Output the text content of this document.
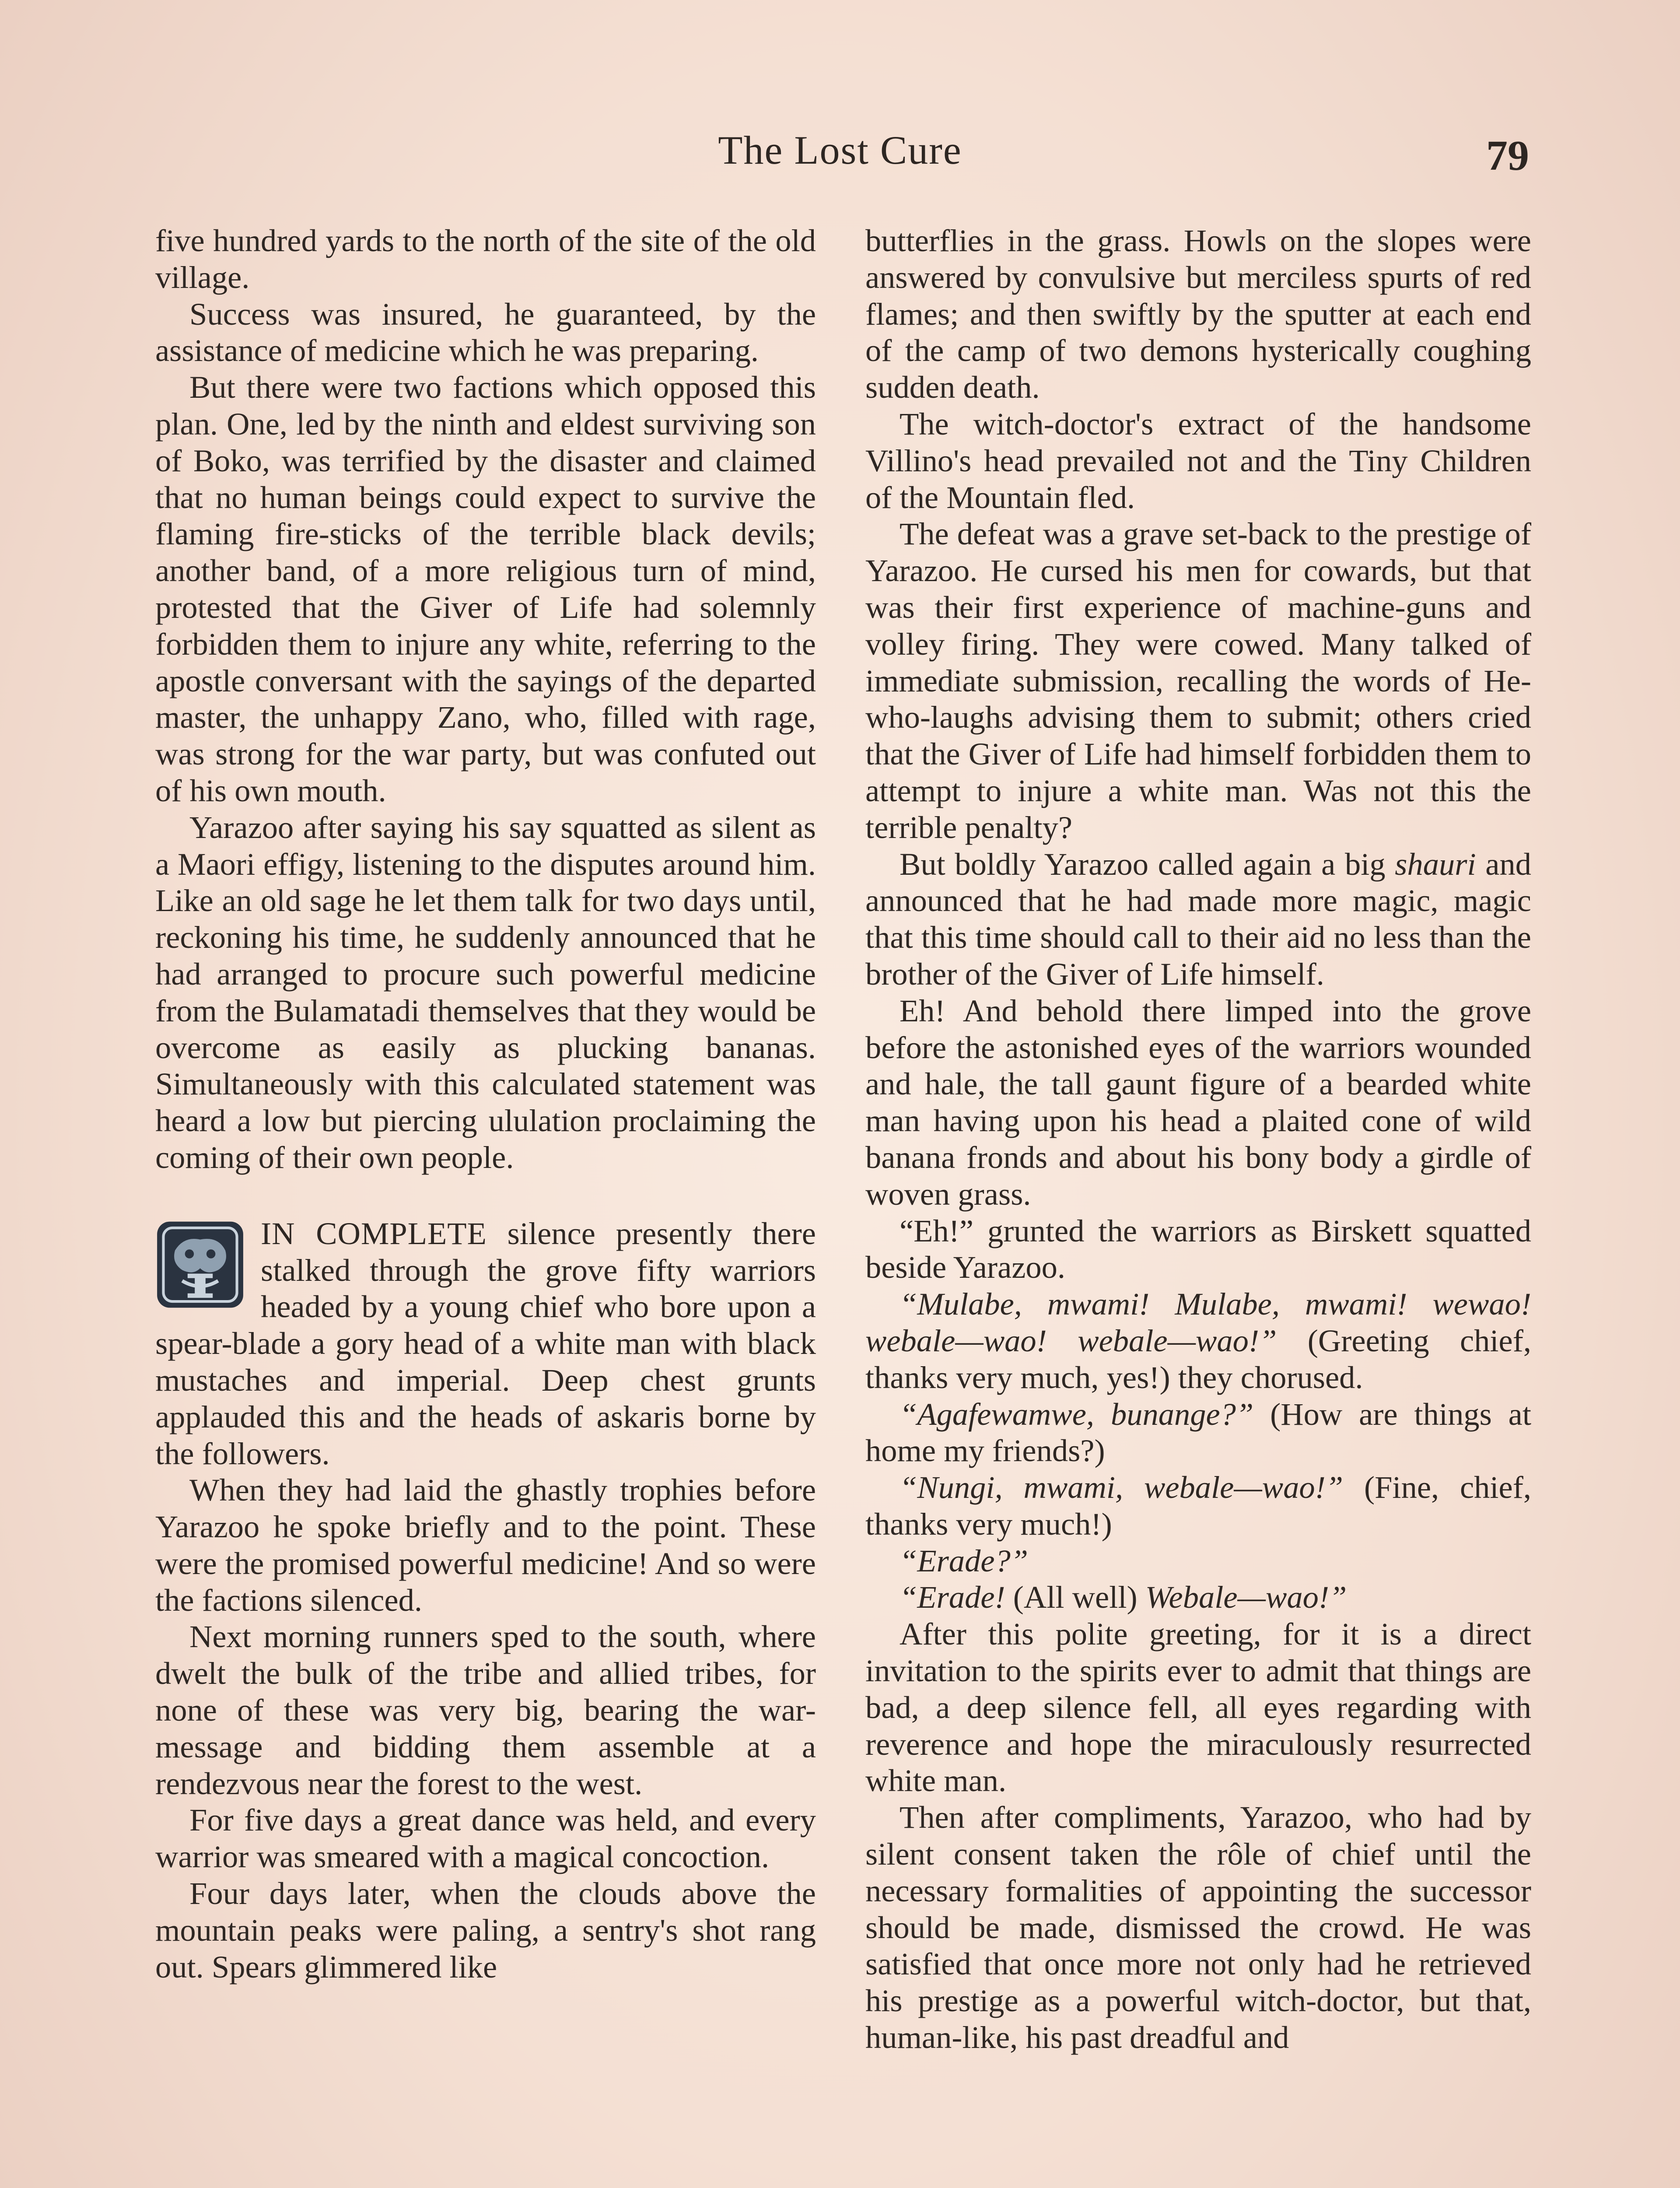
The Lost Cure	79

five hundred yards to the north of the site of the old village.

Success was insured, he guaranteed, by the assistance of medicine which he was preparing.

But there were two factions which opposed this plan. One, led by the ninth and eldest surviving son of Boko, was terrified by the disaster and claimed that no human beings could expect to survive the flaming fire-sticks of the terrible black devils; another band, of a more religious turn of mind, protested that the Giver of Life had solemnly forbidden them to injure any white, referring to the apostle conversant with the sayings of the departed master, the unhappy Zano, who, filled with rage, was strong for the war party, but was confuted out of his own mouth.

Yarazoo after saying his say squatted as silent as a Maori effigy, listening to the disputes around him. Like an old sage he let them talk for two days until, reckoning his time, he suddenly announced that he had arranged to procure such powerful medicine from the Bulamatadi themselves that they would be overcome as easily as plucking bananas. Simultaneously with this calculated statement was heard a low but piercing ululation proclaiming the coming of their own people.

IN COMPLETE silence presently there stalked through the grove fifty warriors headed by a young chief who bore upon a spear-blade a gory head of a white man with black mustaches and imperial. Deep chest grunts applauded this and the heads of askaris borne by the followers.

When they had laid the ghastly trophies before Yarazoo he spoke briefly and to the point. These were the promised powerful medicine! And so were the factions silenced.

Next morning runners sped to the south, where dwelt the bulk of the tribe and allied tribes, for none of these was very big, bearing the war-message and bidding them assemble at a rendezvous near the forest to the west.

For five days a great dance was held, and every warrior was smeared with a magical concoction.

Four days later, when the clouds above the mountain peaks were paling, a sentry's shot rang out. Spears glimmered like

butterflies in the grass. Howls on the slopes were answered by convulsive but merciless spurts of red flames; and then swiftly by the sputter at each end of the camp of two demons hysterically coughing sudden death.

The witch-doctor's extract of the handsome Villino's head prevailed not and the Tiny Children of the Mountain fled.

The defeat was a grave set-back to the prestige of Yarazoo. He cursed his men for cowards, but that was their first experience of machine-guns and volley firing. They were cowed. Many talked of immediate submission, recalling the words of He-who-laughs advising them to submit; others cried that the Giver of Life had himself forbidden them to attempt to injure a white man. Was not this the terrible penalty?

But boldly Yarazoo called again a big shauri and announced that he had made more magic, magic that this time should call to their aid no less than the brother of the Giver of Life himself.

Eh! And behold there limped into the grove before the astonished eyes of the warriors wounded and hale, the tall gaunt figure of a bearded white man having upon his head a plaited cone of wild banana fronds and about his bony body a girdle of woven grass.

“Eh!” grunted the warriors as Birskett squatted beside Yarazoo.

“Mulabe, mwami! Mulabe, mwami! wewao! webale—wao! webale—wao!” (Greeting chief, thanks very much, yes!) they chorused.

“Agafewamwe, bunange?” (How are things at home my friends?)

“Nungi, mwami, webale—wao!” (Fine, chief, thanks very much!)

“Erade?”

“Erade! (All well) Webale—wao!”

After this polite greeting, for it is a direct invitation to the spirits ever to admit that things are bad, a deep silence fell, all eyes regarding with reverence and hope the miraculously resurrected white man.

Then after compliments, Yarazoo, who had by silent consent taken the rôle of chief until the necessary formalities of appointing the successor should be made, dismissed the crowd. He was satisfied that once more not only had he retrieved his prestige as a powerful witch-doctor, but that, human-like, his past dreadful and
